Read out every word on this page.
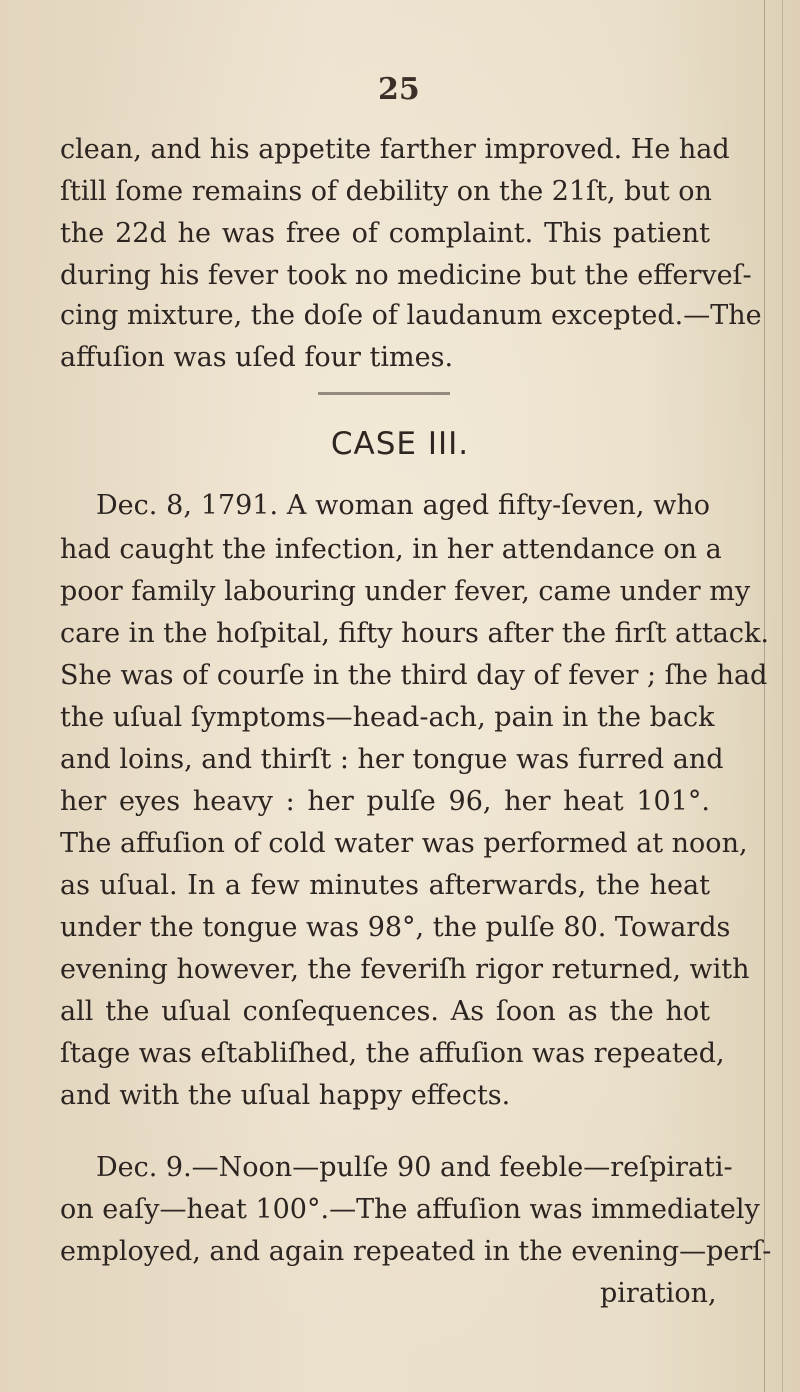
25
clean, and his appetite farther improved. He had
ſtill ſome remains of debility on the 21ſt, but on
the 22d he was free of complaint. This patient
during his fever took no medicine but the efferveſ-
cing mixture, the doſe of laudanum excepted.—The
affuſion was uſed four times.
CASE III.
Dec. 8, 1791. A woman aged fifty-ſeven, who
had caught the infection, in her attendance on a
poor family labouring under fever, came under my
care in the hoſpital, fifty hours after the firſt attack.
She was of courſe in the third day of fever ; ſhe had
the uſual ſymptoms—head-ach, pain in the back
and loins, and thirſt : her tongue was furred and
her eyes heavy : her pulſe 96, her heat 101°.
The affuſion of cold water was performed at noon,
as uſual. In a few minutes afterwards, the heat
under the tongue was 98°, the pulſe 80. Towards
evening however, the feveriſh rigor returned, with
all the uſual conſequences. As ſoon as the hot
ſtage was eſtabliſhed, the affuſion was repeated,
and with the uſual happy effects.
Dec. 9.—Noon—pulſe 90 and feeble—reſpirati-
on eaſy—heat 100°.—The affuſion was immediately
employed, and again repeated in the evening—perſ-
piration,
